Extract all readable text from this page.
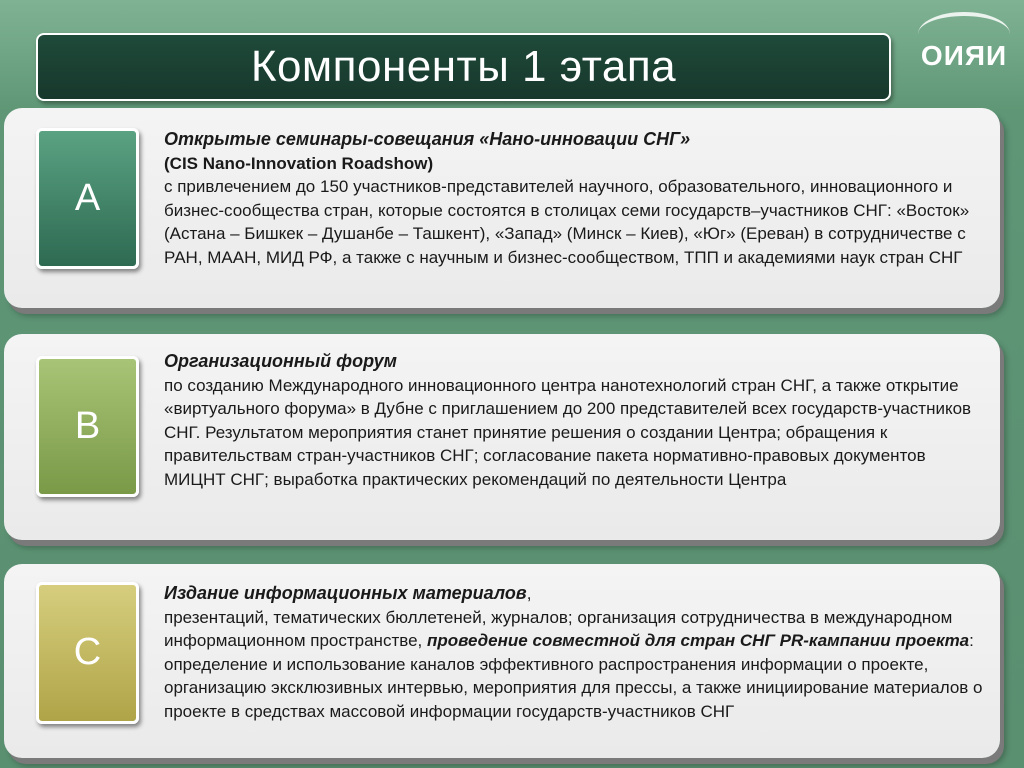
Компоненты 1 этапа	ОИЯИ
A

Открытые семинары-совещания «Нано-инновации СНГ»

(CIS Nano-Innovation Roadshow)

с привлечением до 150 участников-представителей научного, образовательного, инновационного и бизнес-сообщества стран, которые состоятся в столицах семи государств–участников СНГ: «Восток» (Астана – Бишкек – Душанбе – Ташкент), «Запад» (Минск – Киев), «Юг» (Ереван) в сотрудничестве с РАН, МААН, МИД РФ, а также с научным и бизнес-сообществом, ТПП и академиями наук стран СНГ

B

Организационный форум

по созданию Международного инновационного центра нанотехнологий стран СНГ, а также открытие «виртуального форума» в Дубне с приглашением до 200 представителей всех государств-участников СНГ. Результатом мероприятия станет принятие решения о создании Центра; обращения к правительствам стран-участников СНГ; согласование пакета нормативно-правовых документов МИЦНТ СНГ; выработка практических рекомендаций по деятельности Центра

C

Издание информационных материалов,

презентаций, тематических бюллетеней, журналов; организация сотрудничества в международном информационном пространстве, проведение совместной для стран СНГ PR-кампании проекта: определение и использование каналов эффективного распространения информации о проекте, организацию эксклюзивных интервью, мероприятия для прессы, а также инициирование материалов о проекте в средствах массовой информации государств-участников СНГ
